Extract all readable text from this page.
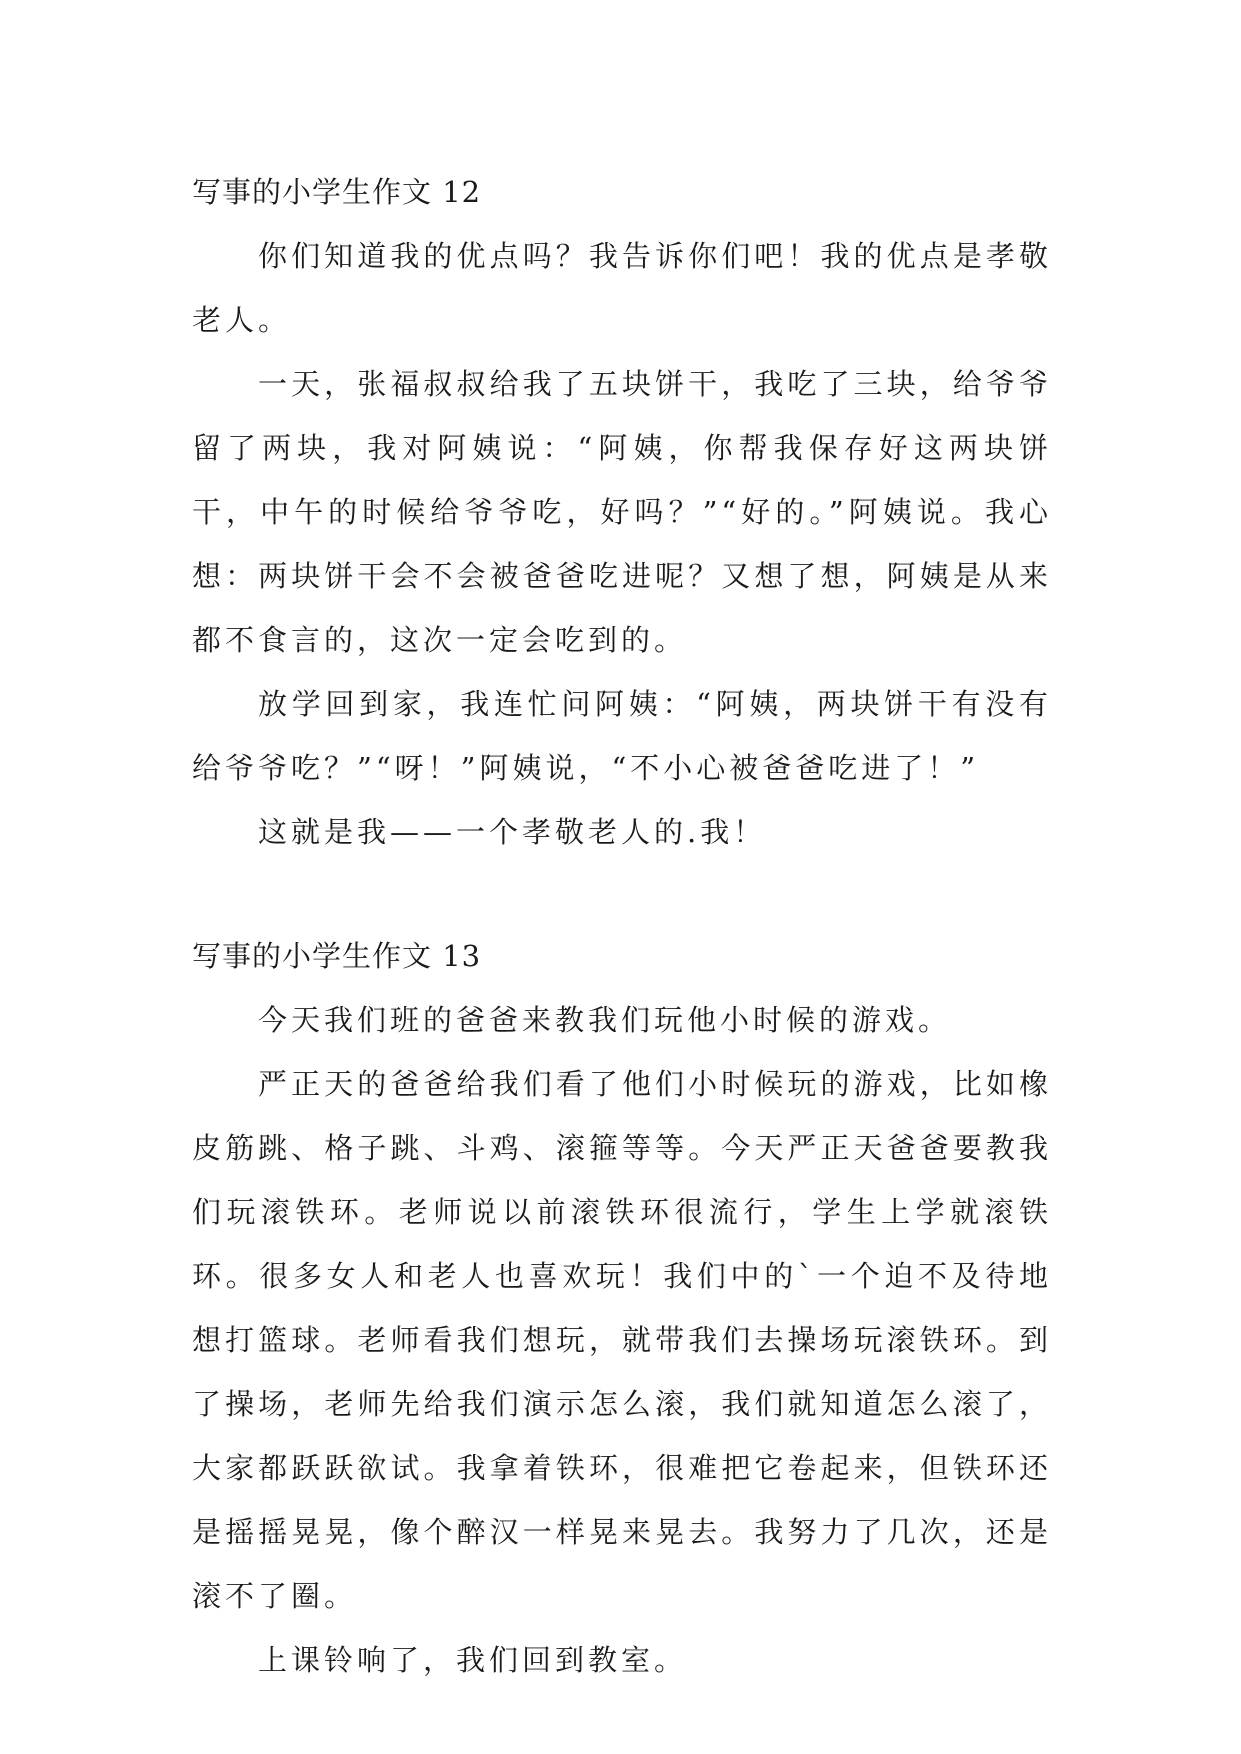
写事的小学生作文 12

你们知道我的优点吗？我告诉你们吧！我的优点是孝敬老人。

一天，张福叔叔给我了五块饼干，我吃了三块，给爷爷留了两块，我对阿姨说：“阿姨，你帮我保存好这两块饼干，中午的时候给爷爷吃，好吗？”“好的。”阿姨说。我心想：两块饼干会不会被爸爸吃进呢？又想了想，阿姨是从来都不食言的，这次一定会吃到的。

放学回到家，我连忙问阿姨：“阿姨，两块饼干有没有给爷爷吃？”“呀！”阿姨说，“不小心被爸爸吃进了！”

这就是我——一个孝敬老人的.我！

写事的小学生作文 13

今天我们班的爸爸来教我们玩他小时候的游戏。

严正天的爸爸给我们看了他们小时候玩的游戏，比如橡皮筋跳、格子跳、斗鸡、滚箍等等。今天严正天爸爸要教我们玩滚铁环。老师说以前滚铁环很流行，学生上学就滚铁环。很多女人和老人也喜欢玩！我们中的`一个迫不及待地想打篮球。老师看我们想玩，就带我们去操场玩滚铁环。到了操场，老师先给我们演示怎么滚，我们就知道怎么滚了，大家都跃跃欲试。我拿着铁环，很难把它卷起来，但铁环还是摇摇晃晃，像个醉汉一样晃来晃去。我努力了几次，还是滚不了圈。

上课铃响了，我们回到教室。
